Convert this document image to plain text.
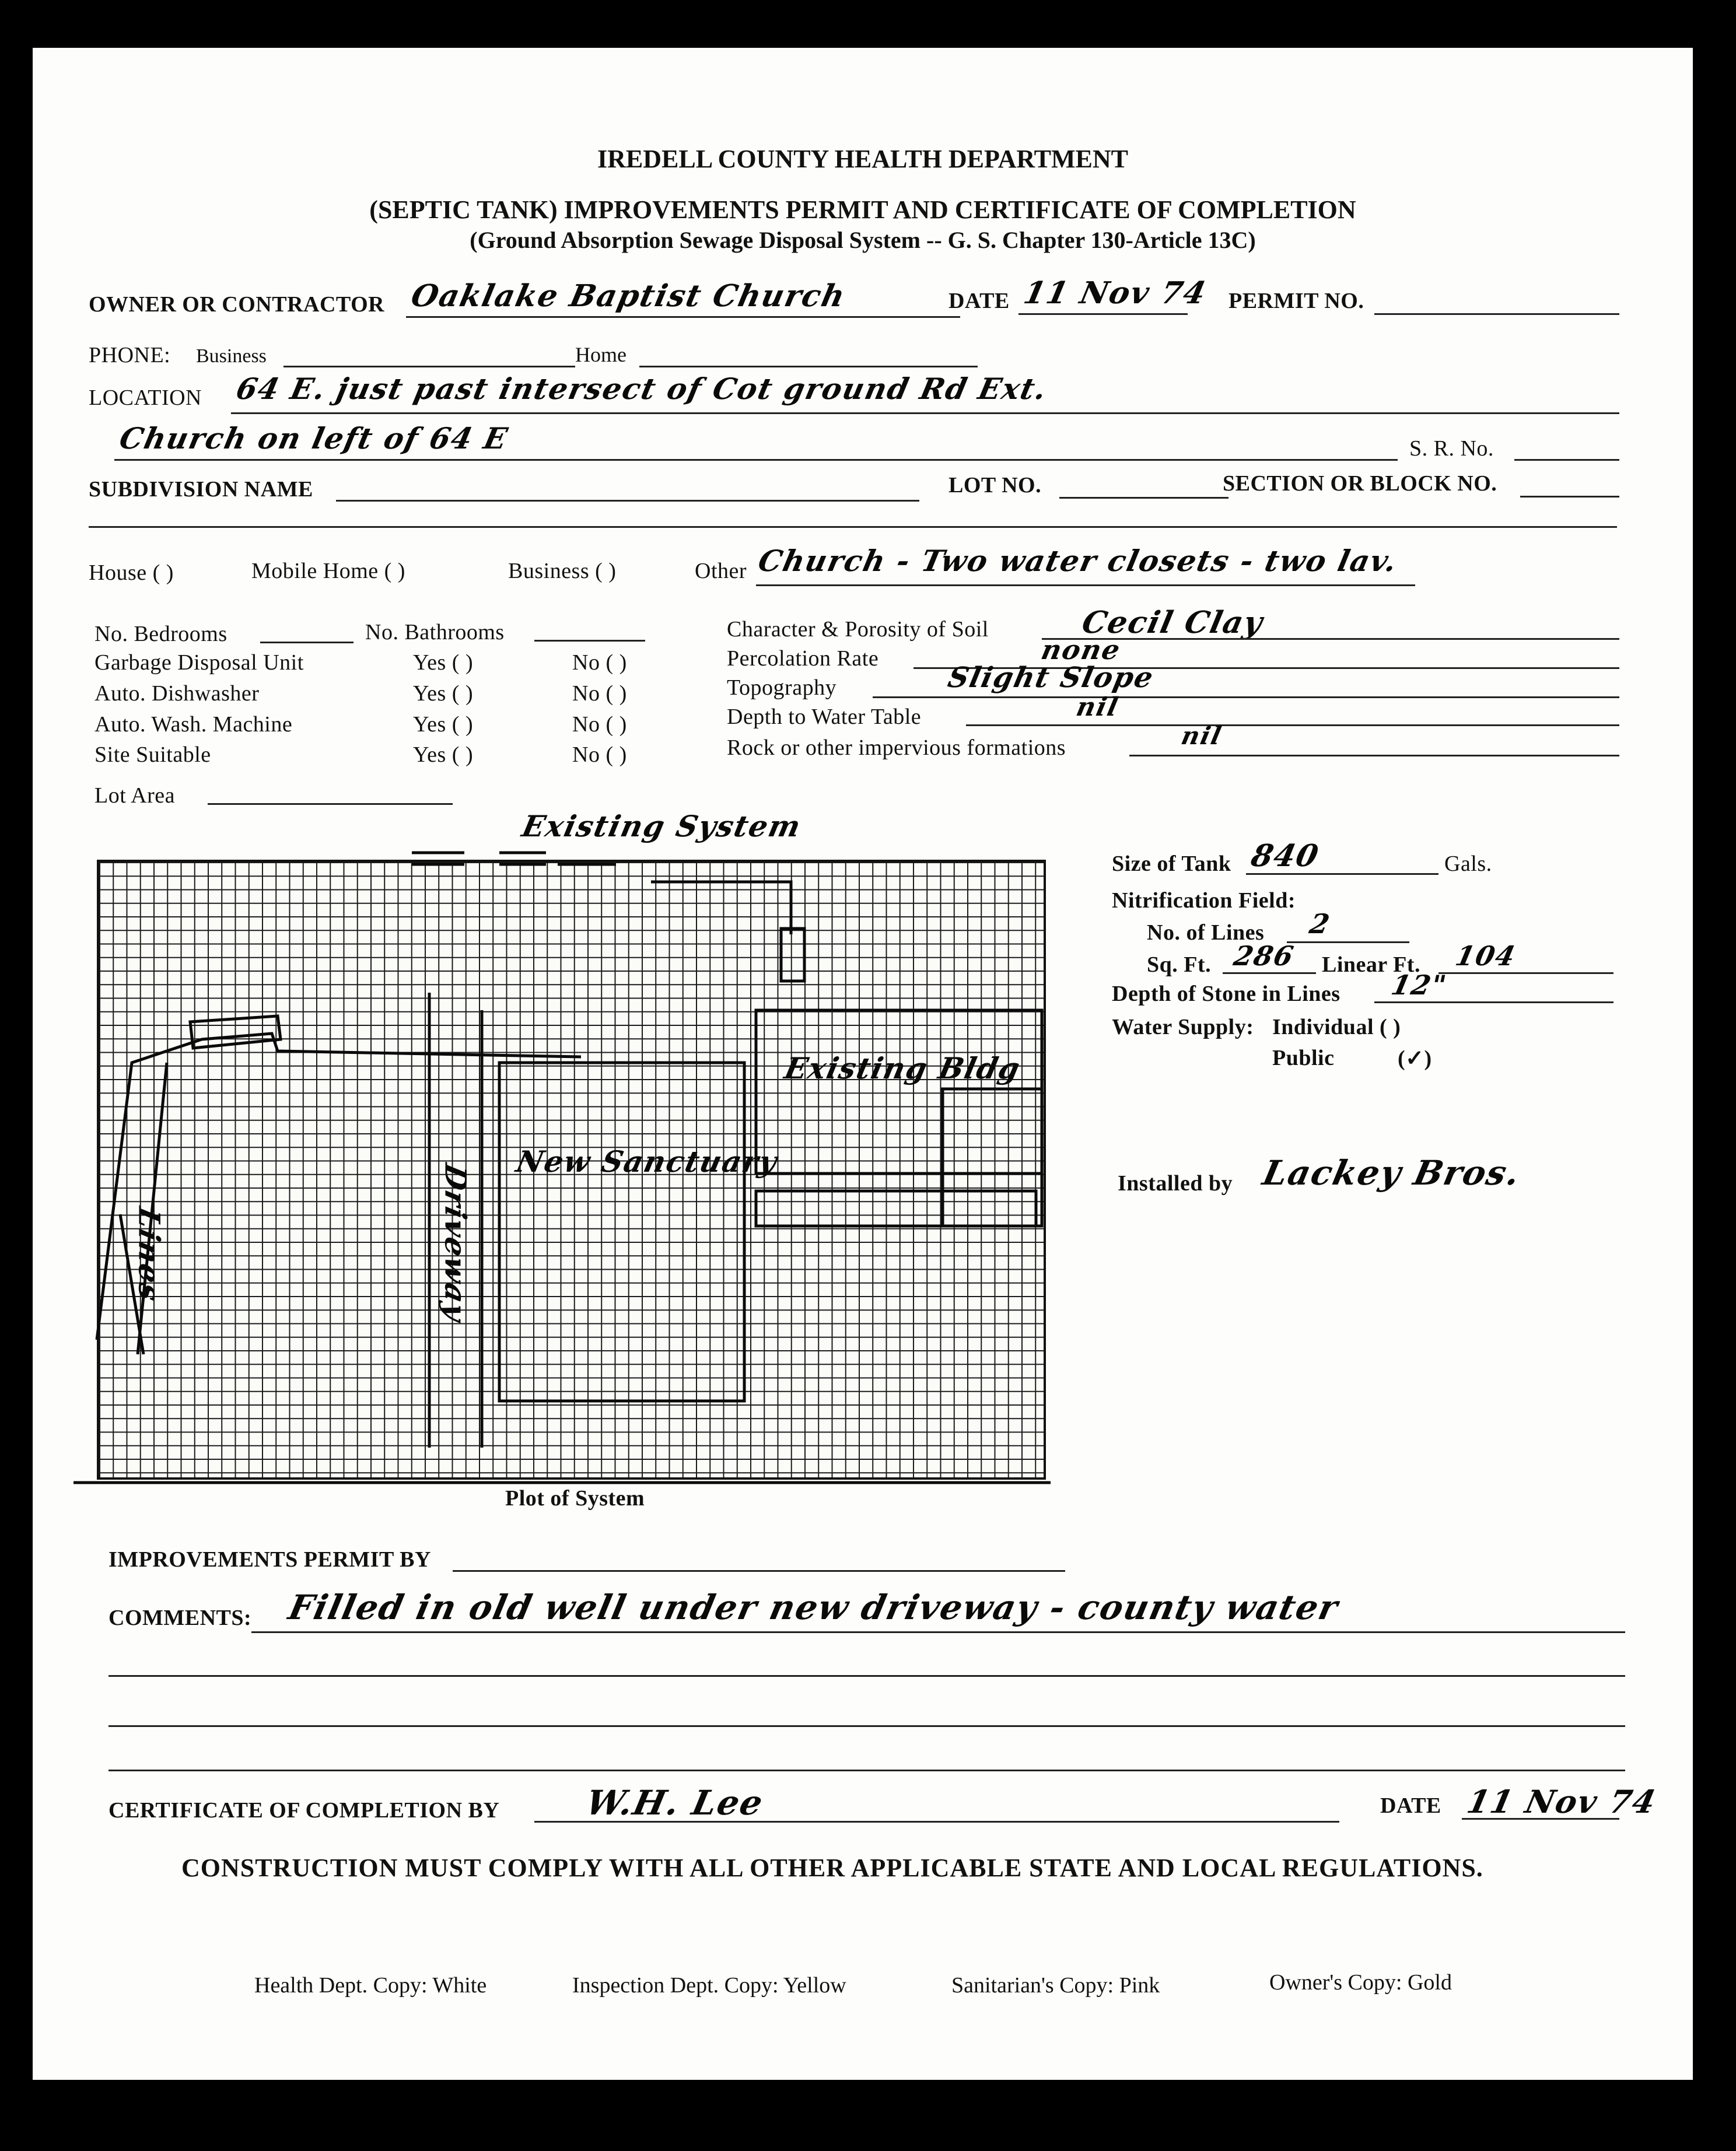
IREDELL COUNTY HEALTH DEPARTMENT
(SEPTIC TANK) IMPROVEMENTS PERMIT AND CERTIFICATE OF COMPLETION
(Ground Absorption Sewage Disposal System -- G. S. Chapter 130-Article 13C)
OWNER OR CONTRACTOR Oaklake Baptist Church	DATE 11 Nov 74 PERMIT NO.
PHONE: Business	Home
LOCATION 64 E. just past intersect of Cot ground Rd Ext.
Church on left of 64 E	S. R. No.
SUBDIVISION NAME	LOT NO.	SECTION OR BLOCK NO.
House ( )	Mobile Home ( )	Business ( )	Other Church - Two water closets - two lav.
No. Bedrooms	No. Bathrooms
Garbage Disposal Unit	Yes ( )	No ( )
Auto. Dishwasher	Yes ( )	No ( )
Auto. Wash. Machine	Yes ( )	No ( )
Site Suitable	Yes ( )	No ( )
Lot Area
Character & Porosity of Soil	Cecil Clay
Percolation Rate	none
Topography	Slight Slope
Depth to Water Table	nil
Rock or other impervious formations	nil
Existing System
Existing Bldg
New Sanctuary
Driveway
Lines
Plot of System
Size of Tank 840	Gals.
Nitrification Field:
No. of Lines 2
Sq. Ft. 286 Linear Ft. 104
Depth of Stone in Lines 12"
Water Supply: Individual ( )
Public	(✓)
Installed by Lackey Bros.
IMPROVEMENTS PERMIT BY
COMMENTS: Filled in old well under new driveway - county water
CERTIFICATE OF COMPLETION BY W.H. Lee	DATE 11 Nov 74
CONSTRUCTION MUST COMPLY WITH ALL OTHER APPLICABLE STATE AND LOCAL REGULATIONS.
Health Dept. Copy: White	Inspection Dept. Copy: Yellow	Sanitarian's Copy: Pink	Owner's Copy: Gold
